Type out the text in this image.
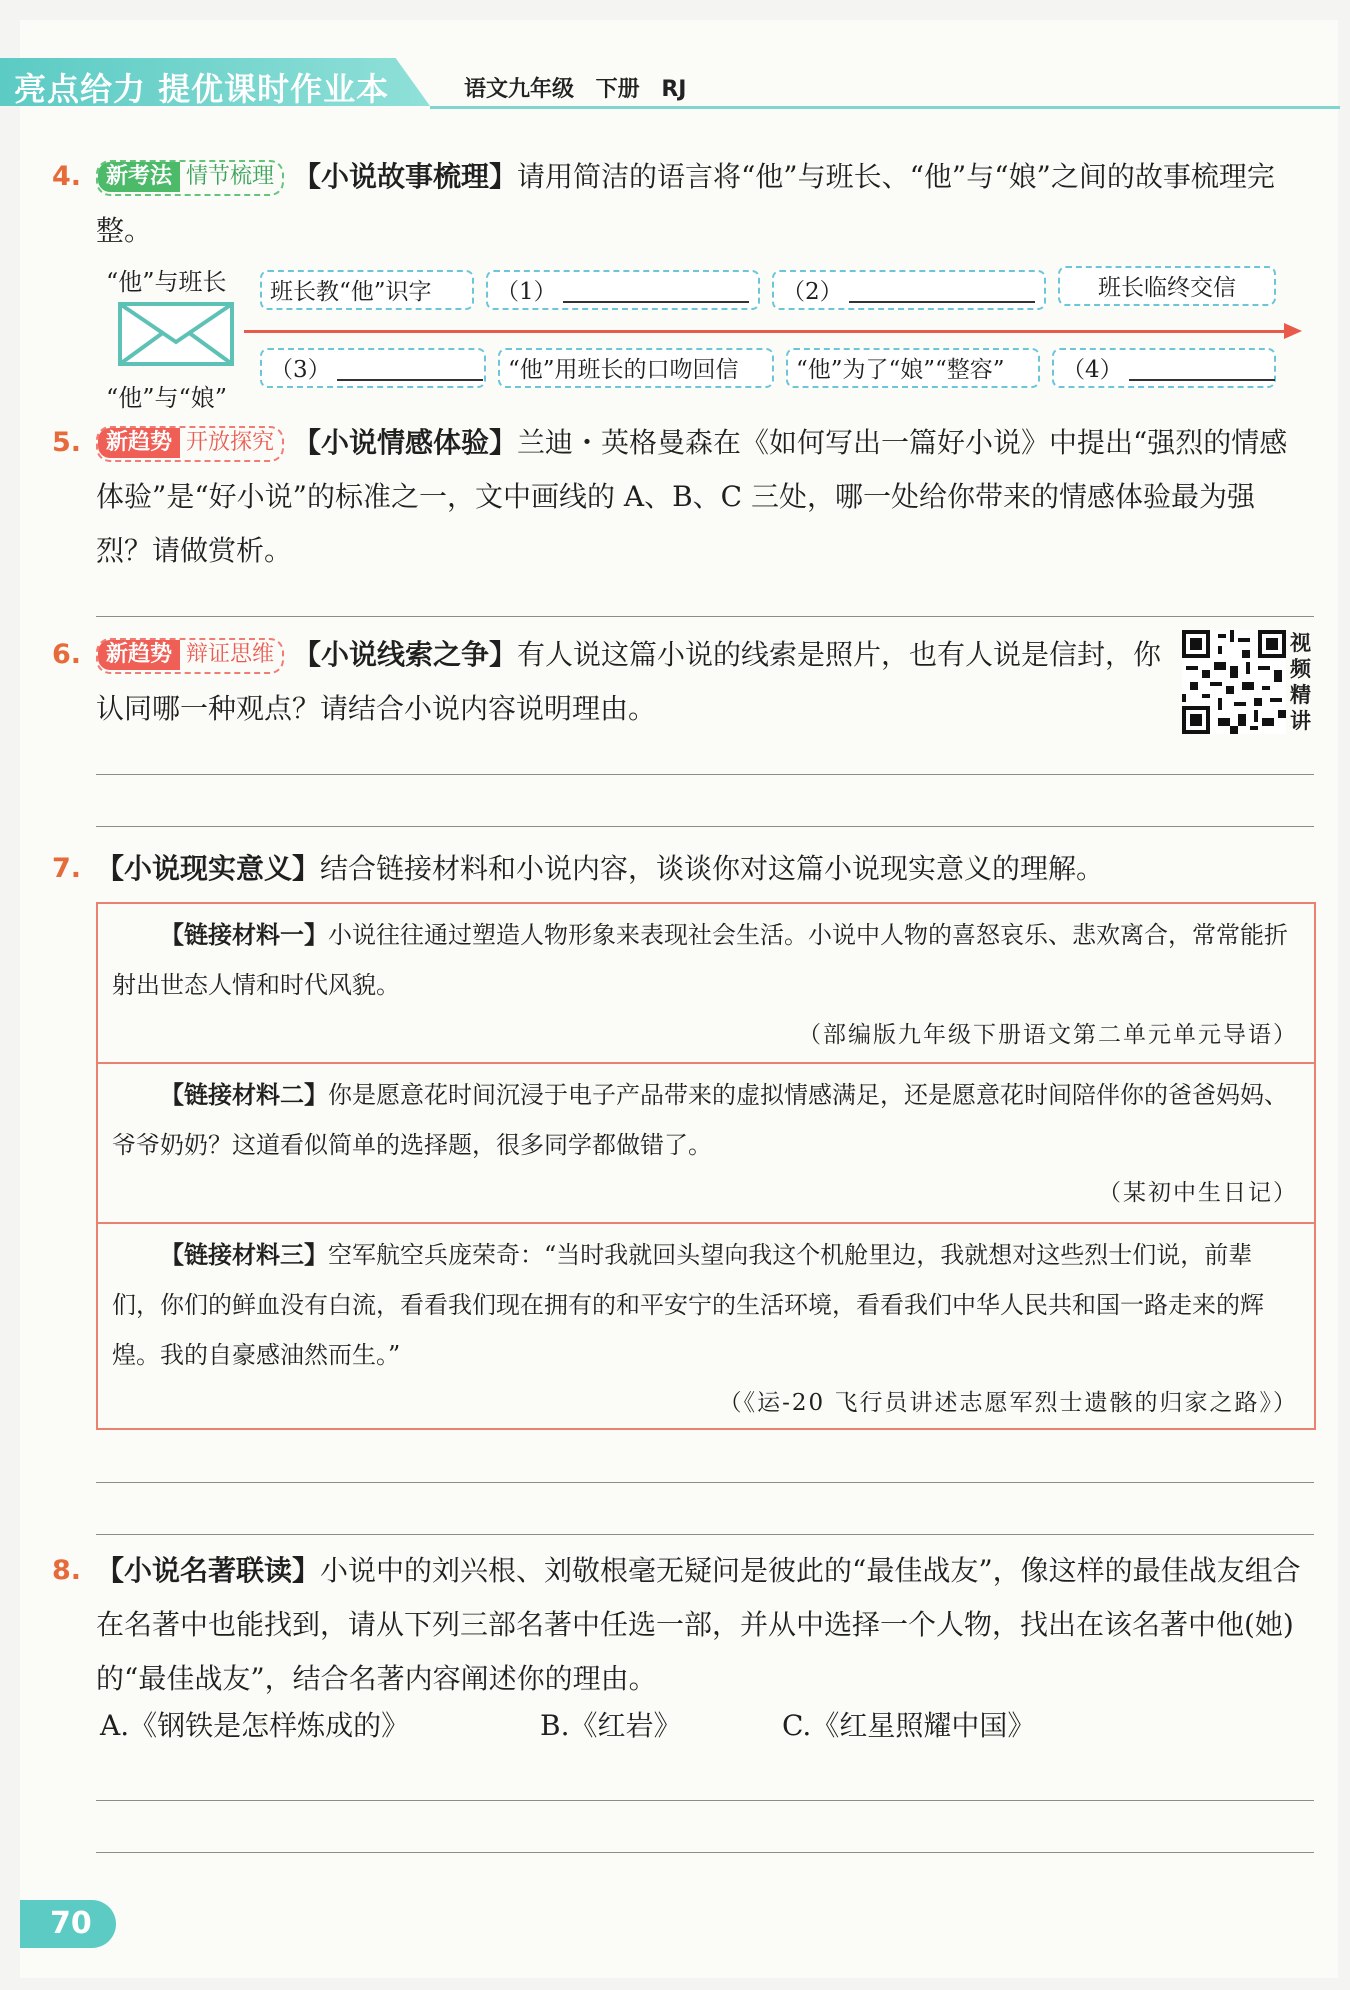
亮点给力 提优课时作业本	语文九年级 下册 RJ
4. 新考法 情节梳理 【小说故事梳理】请用简洁的语言将“他”与班长、“他”与“娘”之间的故事梳理完整。
“他”与班长
“他”与“娘”
班长教“他”识字	（1）	（2）	班长临终交信
（3）	“他”用班长的口吻回信	“他”为了“娘”“整容”	（4）
5. 新趋势 开放探究 【小说情感体验】兰迪・英格曼森在《如何写出一篇好小说》中提出“强烈的情感体验”是“好小说”的标准之一，文中画线的 A、B、C 三处，哪一处给你带来的情感体验最为强烈？请做赏析。
6. 新趋势 辩证思维 【小说线索之争】有人说这篇小说的线索是照片，也有人说是信封，你认同哪一种观点？请结合小说内容说明理由。
视频精讲
7. 【小说现实意义】结合链接材料和小说内容，谈谈你对这篇小说现实意义的理解。
【链接材料一】小说往往通过塑造人物形象来表现社会生活。小说中人物的喜怒哀乐、悲欢离合，常常能折射出世态人情和时代风貌。
（部编版九年级下册语文第二单元单元导语）
【链接材料二】你是愿意花时间沉浸于电子产品带来的虚拟情感满足，还是愿意花时间陪伴你的爸爸妈妈、爷爷奶奶？这道看似简单的选择题，很多同学都做错了。
（某初中生日记）
【链接材料三】空军航空兵庞荣奇：“当时我就回头望向我这个机舱里边，我就想对这些烈士们说，前辈们，你们的鲜血没有白流，看看我们现在拥有的和平安宁的生活环境，看看我们中华人民共和国一路走来的辉煌。我的自豪感油然而生。”
（《运-20 飞行员讲述志愿军烈士遗骸的归家之路》）
8. 【小说名著联读】小说中的刘兴根、刘敬根毫无疑问是彼此的“最佳战友”，像这样的最佳战友组合在名著中也能找到，请从下列三部名著中任选一部，并从中选择一个人物，找出在该名著中他(她)的“最佳战友”，结合名著内容阐述你的理由。
A.《钢铁是怎样炼成的》	B.《红岩》	C.《红星照耀中国》
70
